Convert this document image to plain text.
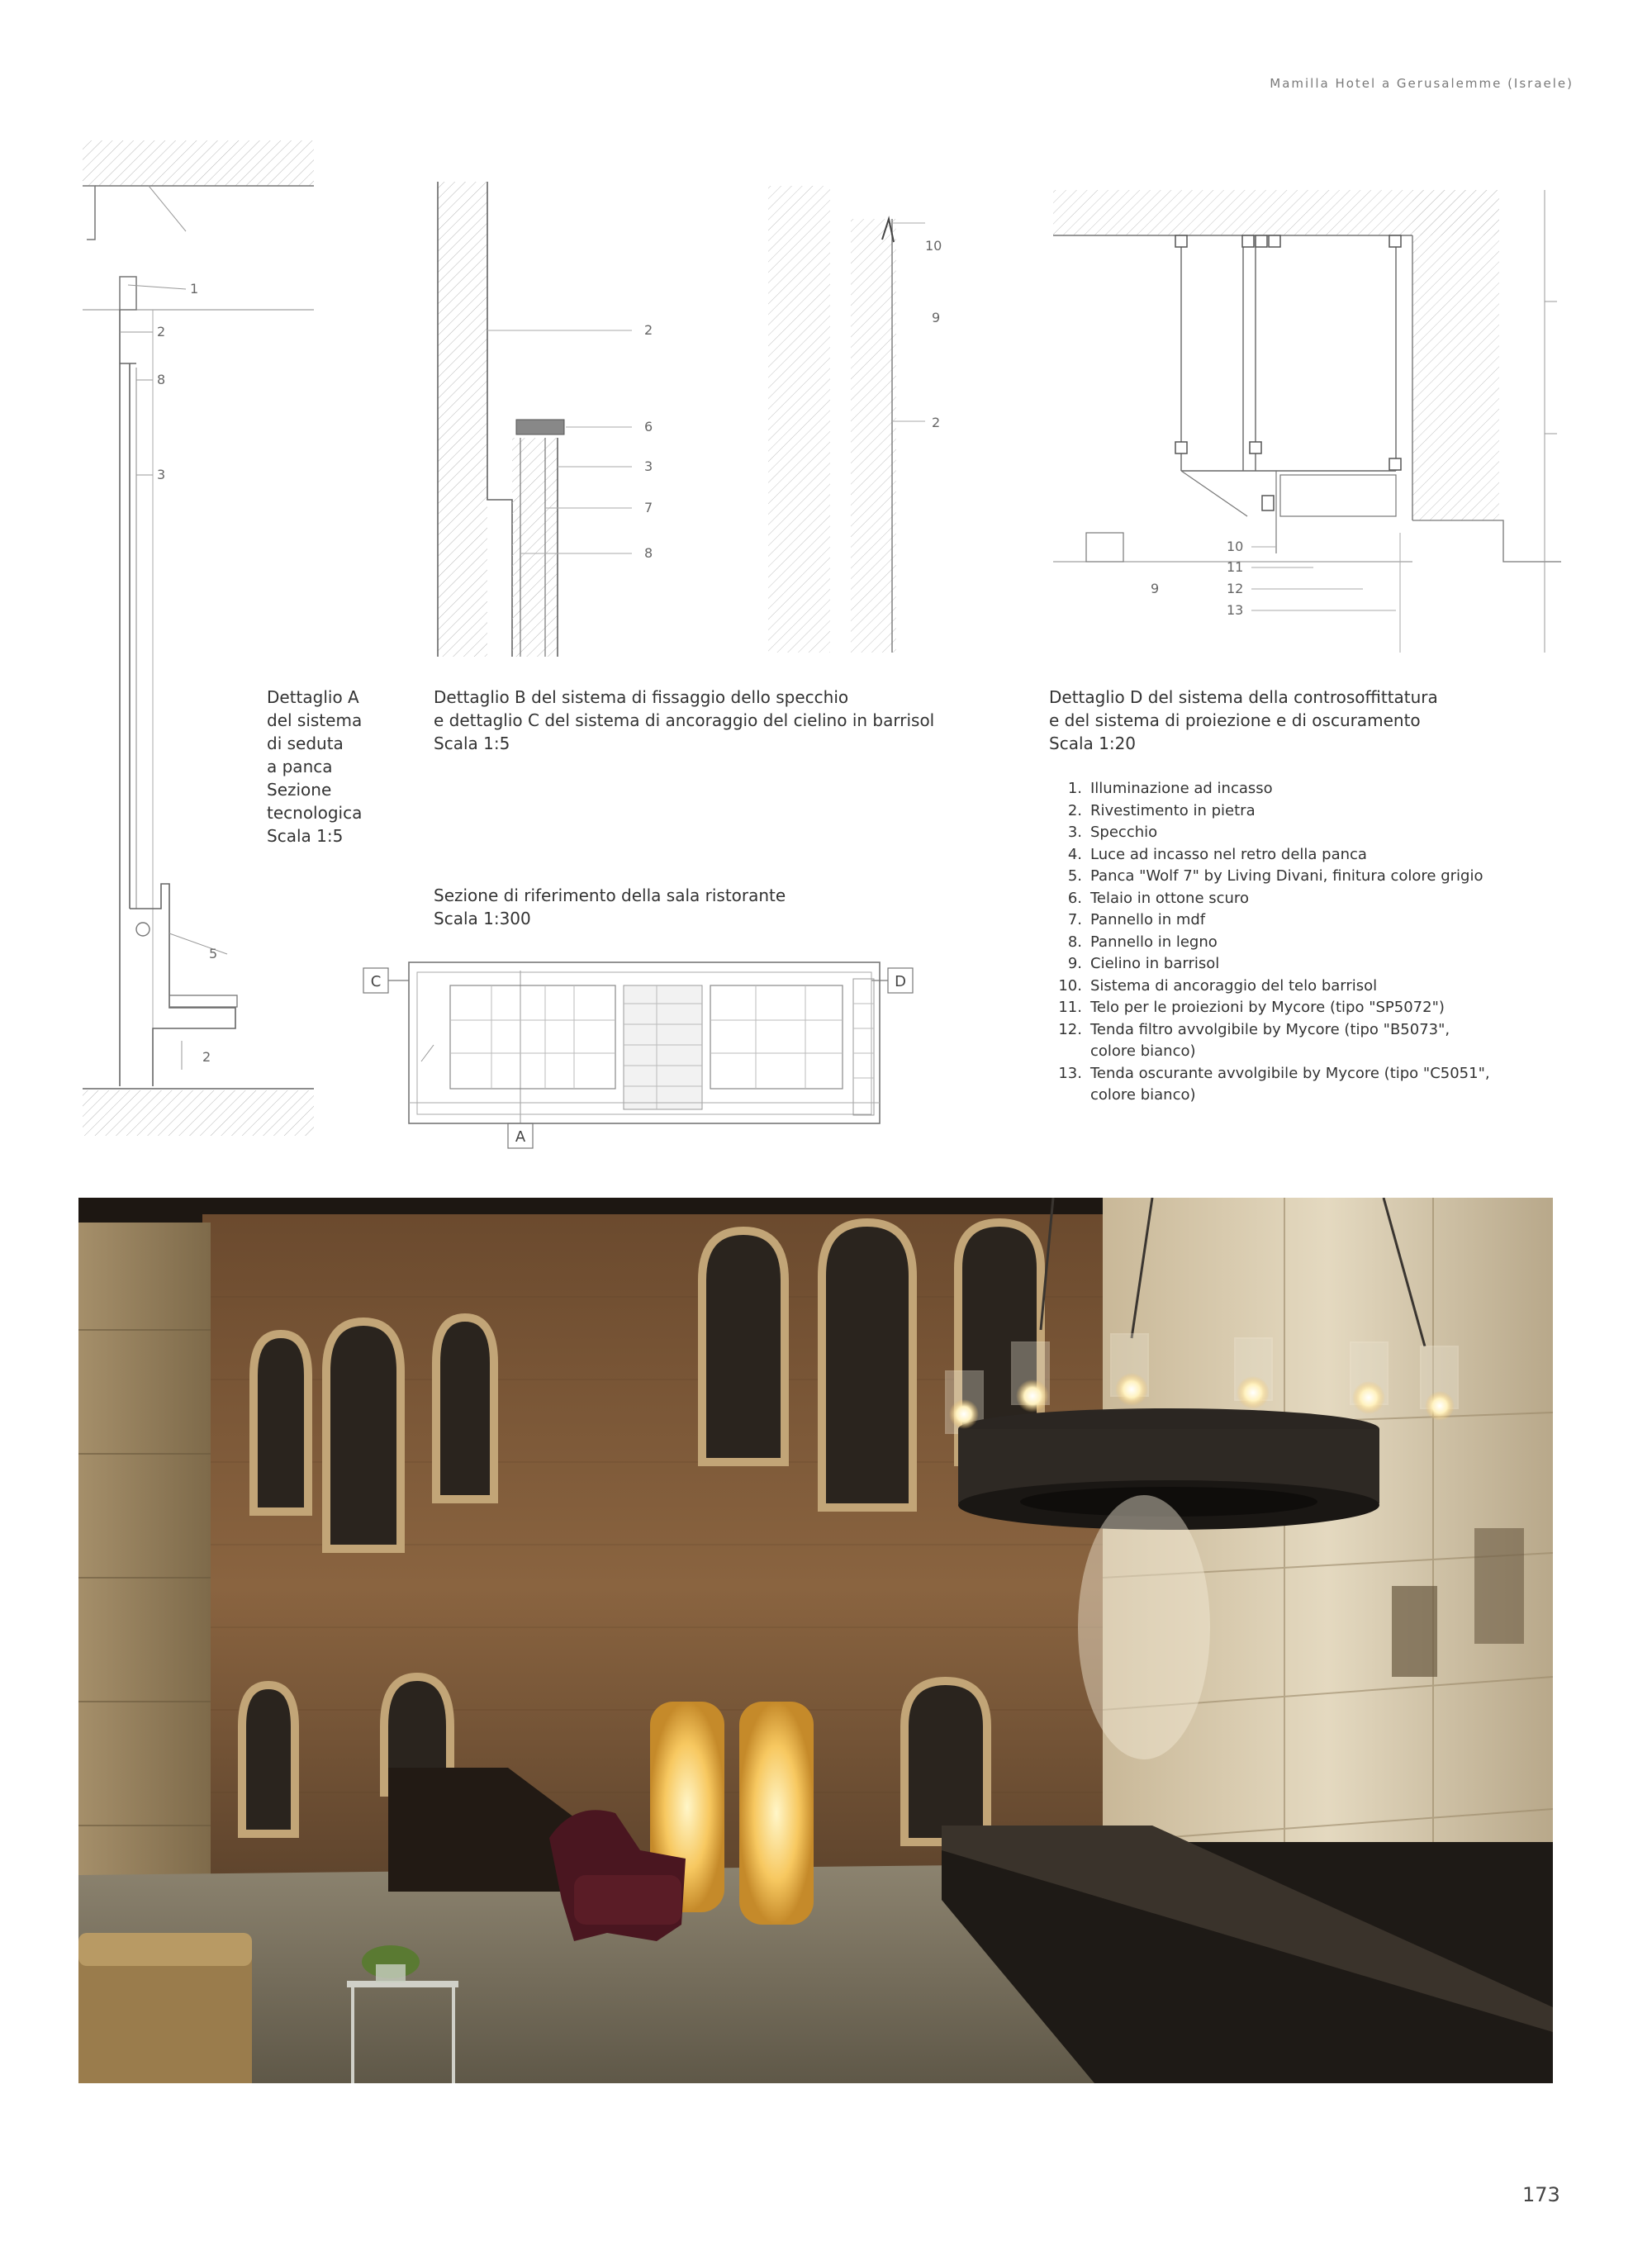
Mamilla Hotel a Gerusalemme (Israele)
1
2
8
3
5
2
Dettaglio A
del sistema
di seduta
a panca
Sezione
tecnologica
Scala 1:5
2
6
3
7
8
10
9
2
Dettaglio B del sistema di fissaggio dello specchio
e dettaglio C del sistema di ancoraggio del cielino in barrisol
Scala 1:5
10
11
9	12
13
Dettaglio D del sistema della controsoffittatura
e del sistema di proiezione e di oscuramento
Scala 1:20
1. Illuminazione ad incasso
2. Rivestimento in pietra
3. Specchio
4. Luce ad incasso nel retro della panca
5. Panca "Wolf 7" by Living Divani, finitura colore grigio
6. Telaio in ottone scuro
7. Pannello in mdf
8. Pannello in legno
9. Cielino in barrisol
10. Sistema di ancoraggio del telo barrisol
11. Telo per le proiezioni by Mycore (tipo "SP5072")
12. Tenda filtro avvolgibile by Mycore (tipo "B5073",
colore bianco)
13. Tenda oscurante avvolgibile by Mycore (tipo "C5051",
colore bianco)
Sezione di riferimento della sala ristorante
Scala 1:300
C	D
A
173
